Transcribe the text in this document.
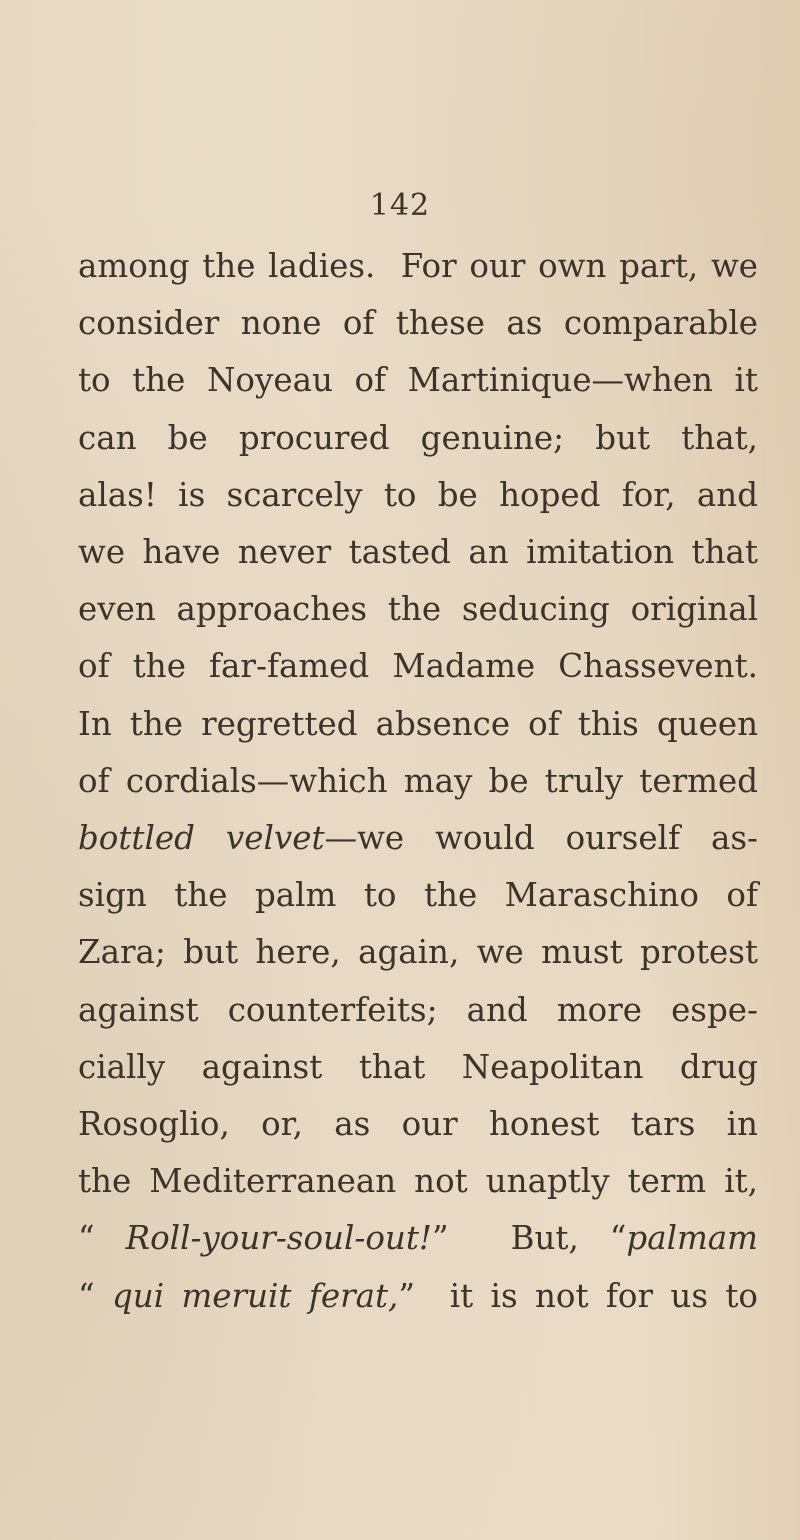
142
among the ladies.  For our own part, we
consider none of these as comparable
to the Noyeau of Martinique—when it
can be procured genuine; but that,
alas! is scarcely to be hoped for, and
we have never tasted an imitation that
even approaches the seducing original
of the far-famed Madame Chassevent.
In the regretted absence of this queen
of cordials—which may be truly termed
bottled velvet—we would ourself as-
sign the palm to the Maraschino of
Zara; but here, again, we must protest
against counterfeits; and more espe-
cially against that Neapolitan drug
Rosoglio, or, as our honest tars in
the Mediterranean not unaptly term it,
“ Roll-your-soul-out!”  But, “palmam
“ qui meruit ferat,”  it is not for us to
